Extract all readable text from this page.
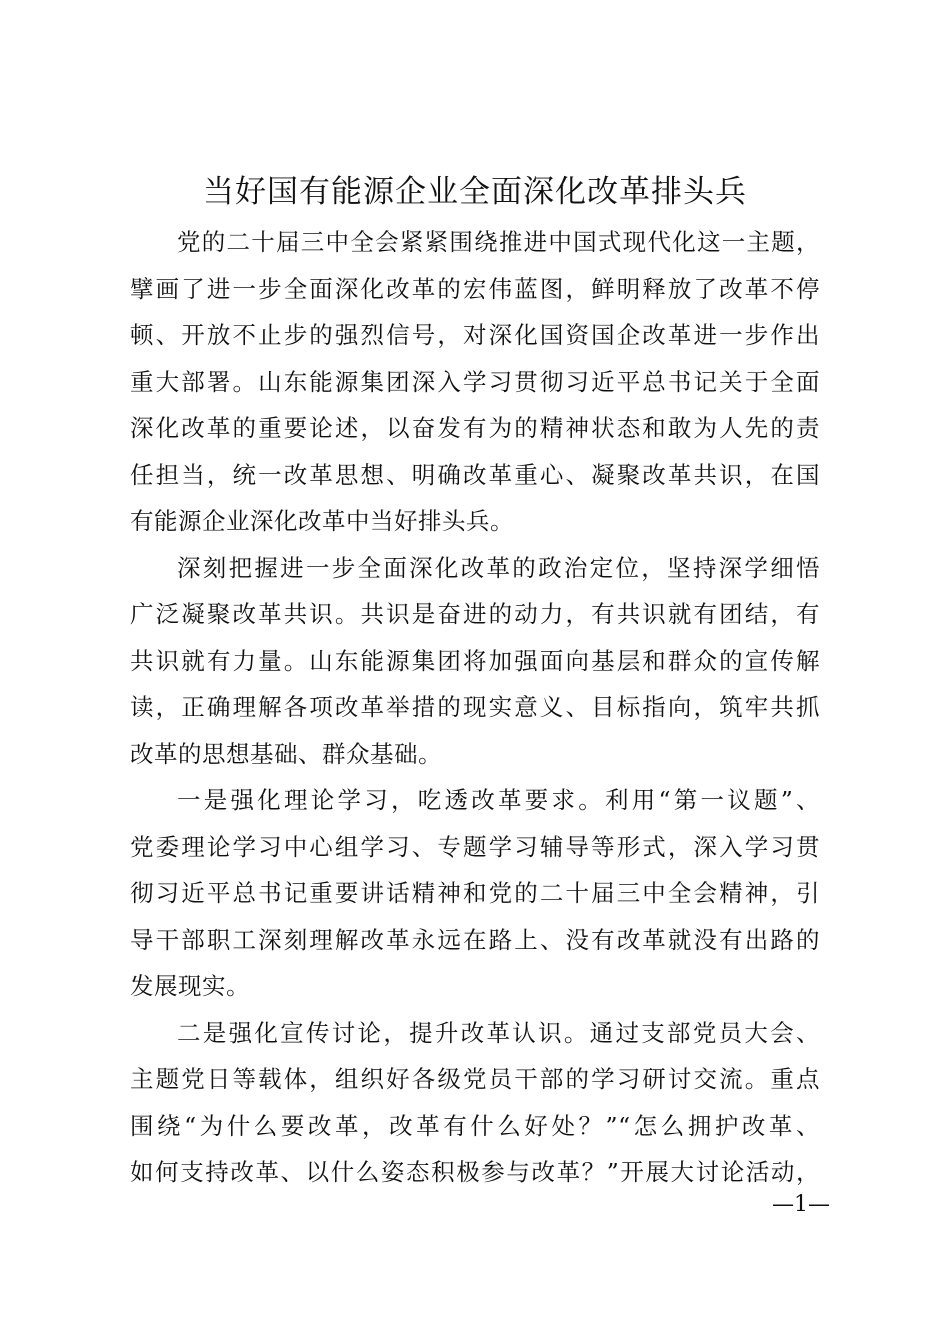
当好国有能源企业全面深化改革排头兵

党的二十届三中全会紧紧围绕推进中国式现代化这一主题，
擘画了进一步全面深化改革的宏伟蓝图，鲜明释放了改革不停
顿、开放不止步的强烈信号，对深化国资国企改革进一步作出
重大部署。山东能源集团深入学习贯彻习近平总书记关于全面
深化改革的重要论述，以奋发有为的精神状态和敢为人先的责
任担当，统一改革思想、明确改革重心、凝聚改革共识，在国
有能源企业深化改革中当好排头兵。

深刻把握进一步全面深化改革的政治定位，坚持深学细悟
广泛凝聚改革共识。共识是奋进的动力，有共识就有团结，有
共识就有力量。山东能源集团将加强面向基层和群众的宣传解
读，正确理解各项改革举措的现实意义、目标指向，筑牢共抓
改革的思想基础、群众基础。

一是强化理论学习，吃透改革要求。利用“第一议题”、
党委理论学习中心组学习、专题学习辅导等形式，深入学习贯
彻习近平总书记重要讲话精神和党的二十届三中全会精神，引
导干部职工深刻理解改革永远在路上、没有改革就没有出路的
发展现实。

二是强化宣传讨论，提升改革认识。通过支部党员大会、
主题党日等载体，组织好各级党员干部的学习研讨交流。重点
围绕“为什么要改革，改革有什么好处？”“怎么拥护改革、
如何支持改革、以什么姿态积极参与改革？”开展大讨论活动，

—1—
